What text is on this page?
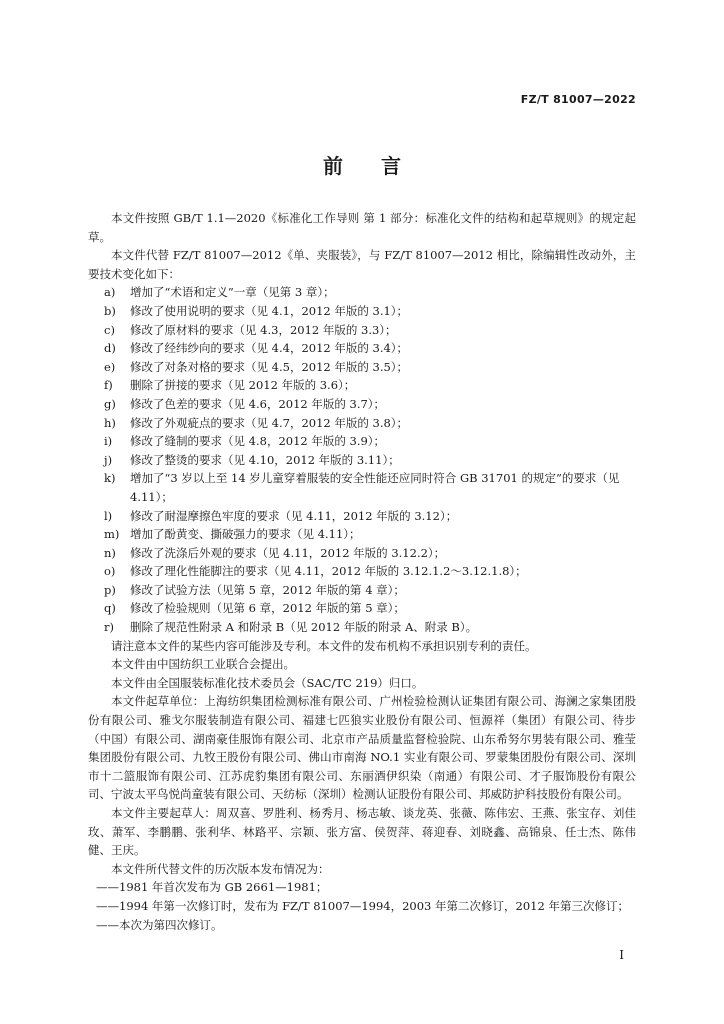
FZ/T 81007—2022
前言

本文件按照 GB/T 1.1—2020《标准化工作导则 第 1 部分：标准化文件的结构和起草规则》的规定起草。

本文件代替 FZ/T 81007—2012《单、夹服装》，与 FZ/T 81007—2012 相比，除编辑性改动外，主要技术变化如下：

a)	增加了“术语和定义”一章（见第 3 章）；
b)	修改了使用说明的要求（见 4.1，2012 年版的 3.1）；
c)	修改了原材料的要求（见 4.3，2012 年版的 3.3）；
d)	修改了经纬纱向的要求（见 4.4，2012 年版的 3.4）；
e)	修改了对条对格的要求（见 4.5，2012 年版的 3.5）；
f)	删除了拼接的要求（见 2012 年版的 3.6）；
g)	修改了色差的要求（见 4.6，2012 年版的 3.7）；
h)	修改了外观疵点的要求（见 4.7，2012 年版的 3.8）；
i)	修改了缝制的要求（见 4.8，2012 年版的 3.9）；
j)	修改了整烫的要求（见 4.10，2012 年版的 3.11）；
k)	增加了“3 岁以上至 14 岁儿童穿着服装的安全性能还应同时符合 GB 31701 的规定”的要求（见 4.11）；
l)	修改了耐湿摩擦色牢度的要求（见 4.11，2012 年版的 3.12）；
m) 增加了酚黄变、撕破强力的要求（见 4.11）；
n)	修改了洗涤后外观的要求（见 4.11，2012 年版的 3.12.2）；
o)	修改了理化性能脚注的要求（见 4.11，2012 年版的 3.12.1.2～3.12.1.8）；
p)	修改了试验方法（见第 5 章，2012 年版的第 4 章）；
q)	修改了检验规则（见第 6 章，2012 年版的第 5 章）；
r)	删除了规范性附录 A 和附录 B（见 2012 年版的附录 A、附录 B）。

请注意本文件的某些内容可能涉及专利。本文件的发布机构不承担识别专利的责任。

本文件由中国纺织工业联合会提出。

本文件由全国服装标准化技术委员会（SAC/TC 219）归口。

本文件起草单位：上海纺织集团检测标准有限公司、广州检验检测认证集团有限公司、海澜之家集团股份有限公司、雅戈尔服装制造有限公司、福建七匹狼实业股份有限公司、恒源祥（集团）有限公司、待步（中国）有限公司、湖南豪佳服饰有限公司、北京市产品质量监督检验院、山东希努尔男装有限公司、雅莹集团股份有限公司、九牧王股份有限公司、佛山市南海 NO.1 实业有限公司、罗蒙集团股份有限公司、深圳市十二篮服饰有限公司、江苏虎豹集团有限公司、东丽酒伊织染（南通）有限公司、才子服饰股份有限公司、宁波太平鸟悦尚童装有限公司、天纺标（深圳）检测认证股份有限公司、邦威防护科技股份有限公司。

本文件主要起草人：周双喜、罗胜利、杨秀月、杨志敏、谈龙英、张薇、陈伟宏、王燕、张宝存、刘佳玫、萧军、李鹏鹏、张利华、林路平、宗颖、张方富、侯贺萍、蒋迎春、刘晓鑫、高锦泉、任士杰、陈伟健、王庆。

本文件所代替文件的历次版本发布情况为：

——1981 年首次发布为 GB 2661—1981；
——1994 年第一次修订时，发布为 FZ/T 81007—1994，2003 年第二次修订，2012 年第三次修订；
——本次为第四次修订。
I
